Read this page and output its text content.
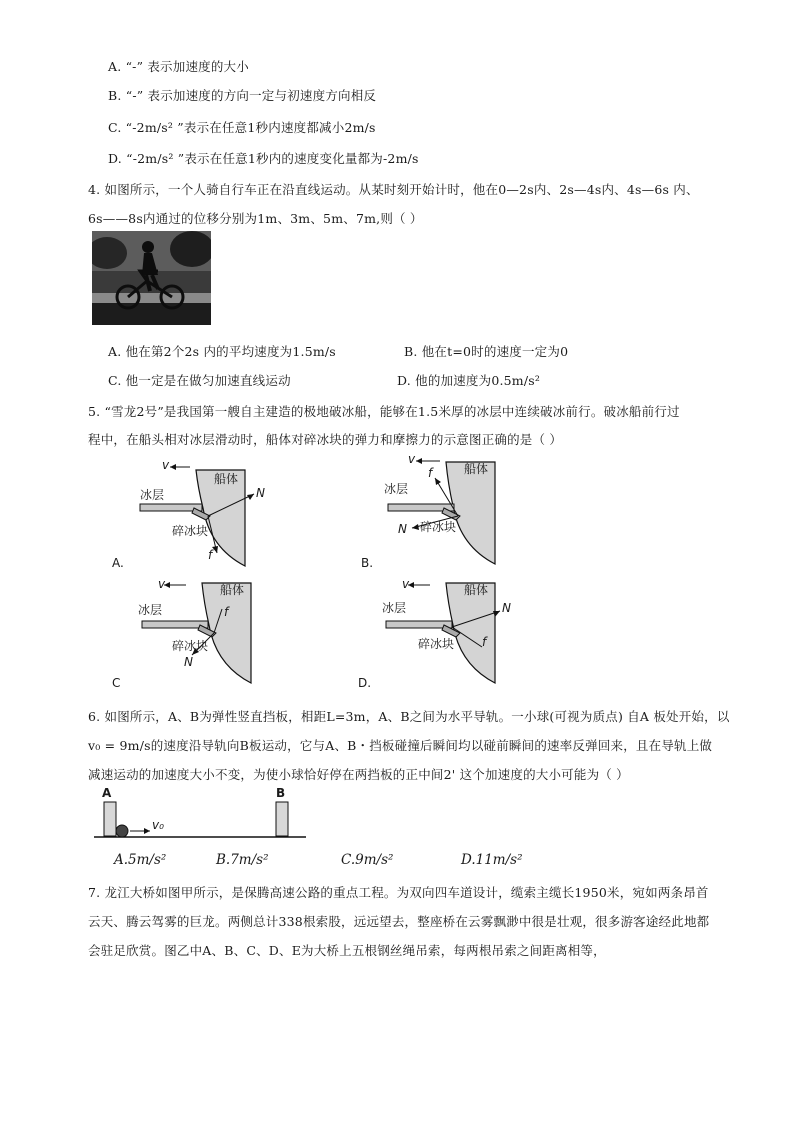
A. “-” 表示加速度的大小
B. “-” 表示加速度的方向一定与初速度方向相反
C. “-2m/s² ”表示在任意1秒内速度都减小2m/s
D. “-2m/s² ”表示在任意1秒内的速度变化量都为-2m/s
4. 如图所示，一个人骑自行车正在沿直线运动。从某时刻开始计时，他在0—2s内、2s—4s内、4s—6s 内、
6s——8s内通过的位移分别为1m、3m、5m、7m,则（ ）
A. 他在第2个2s 内的平均速度为1.5m/s	B. 他在t=0时的速度一定为0
C. 他一定是在做匀加速直线运动	D. 他的加速度为0.5m/s²
5. “雪龙2号”是我国第一艘自主建造的极地破冰船，能够在1.5米厚的冰层中连续破冰前行。破冰船前行过
程中，在船头相对冰层滑动时，船体对碎冰块的弹力和摩擦力的示意图正确的是（ ）
v
船体
冰层
碎冰块
N
f
A.
v
船体
冰层
碎冰块
N
f
B.
v	船体
冰层
碎冰块
N
f
C
v	船体
冰层
碎冰块
N
f
D.
6. 如图所示，A、B为弹性竖直挡板，相距L=3m，A、B之间为水平导轨。一小球(可视为质点) 自A 板处开始，以
v₀ = 9m/s的速度沿导轨向B板运动，它与A、B・挡板碰撞后瞬间均以碰前瞬间的速率反弹回来，且在导轨上做
减速运动的加速度大小不变，为使小球恰好停在两挡板的正中间2' 这个加速度的大小可能为（ ）
A	B
v₀
A.5m/s²	B.7m/s²	C.9m/s²	D.11m/s²
7. 龙江大桥如图甲所示，是保腾高速公路的重点工程。为双向四车道设计，缆索主缆长1950米，宛如两条昂首
云天、腾云驾雾的巨龙。两侧总计338根索股，远远望去，整座桥在云雾飘渺中很是壮观，很多游客途经此地都
会驻足欣赏。图乙中A、B、C、D、E为大桥上五根钢丝绳吊索，每两根吊索之间距离相等，
